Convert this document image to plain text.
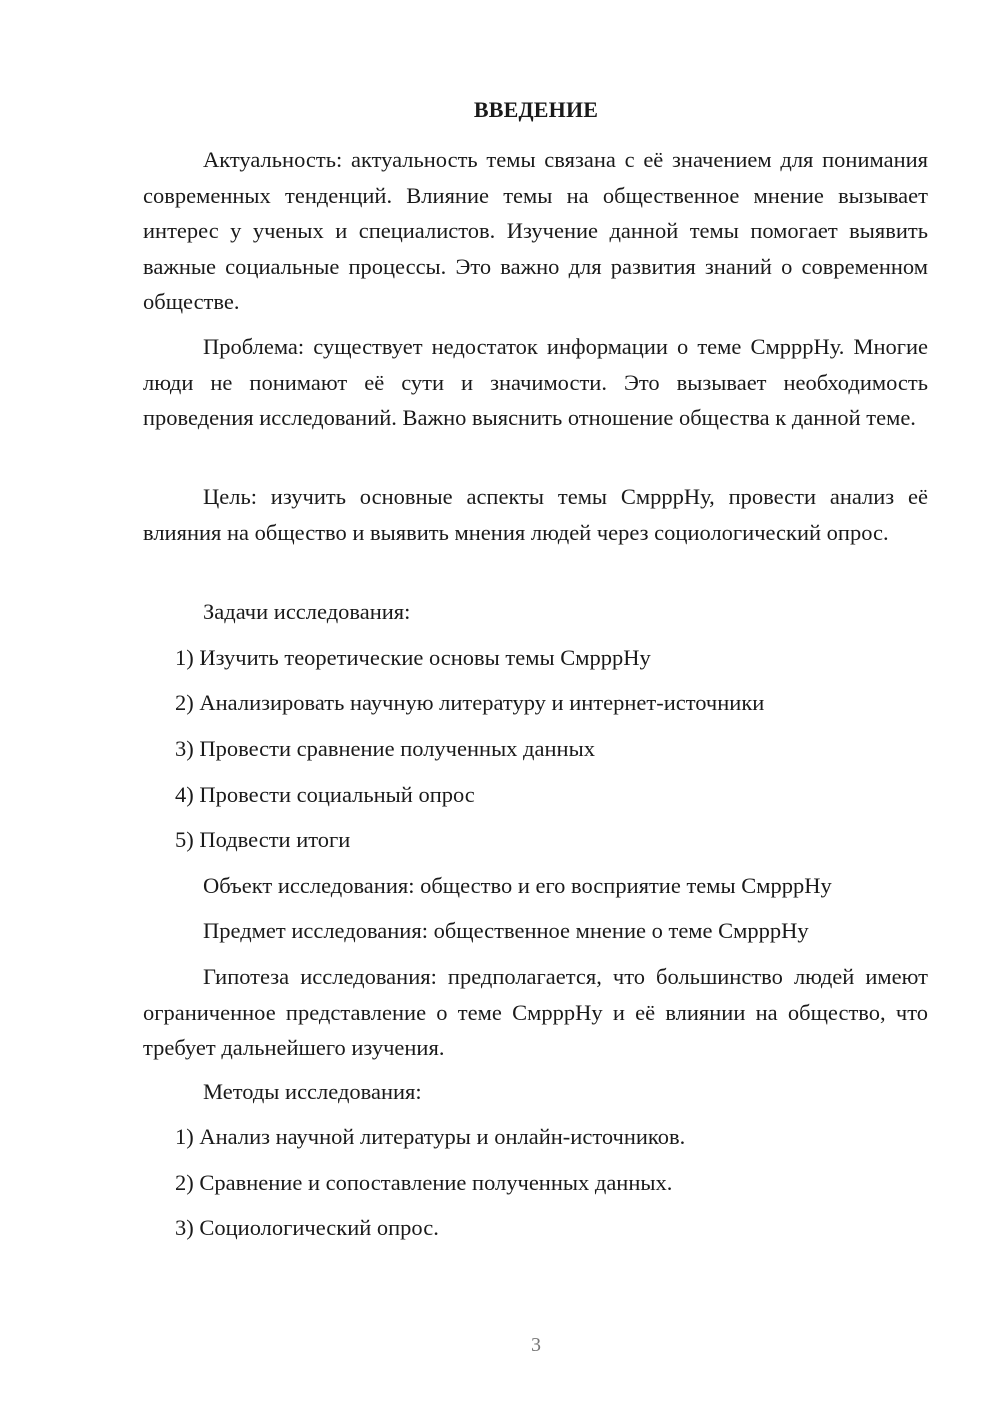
ВВЕДЕНИЕ

Актуальность: актуальность темы связана с её значением для понимания современных тенденций. Влияние темы на общественное мнение вызывает интерес у ученых и специалистов. Изучение данной темы помогает выявить важные социальные процессы. Это важно для развития знаний о современном обществе.

Проблема: существует недостаток информации о теме СмрррНу. Многие люди не понимают её сути и значимости. Это вызывает необходимость проведения исследований. Важно выяснить отношение общества к данной теме.

Цель: изучить основные аспекты темы СмрррНу, провести анализ её влияния на общество и выявить мнения людей через социологический опрос.

Задачи исследования:
1) Изучить теоретические основы темы СмрррНу
2) Анализировать научную литературу и интернет-источники
3) Провести сравнение полученных данных
4) Провести социальный опрос
5) Подвести итоги
Объект исследования: общество и его восприятие темы СмрррНу
Предмет исследования: общественное мнение о теме СмрррНу

Гипотеза исследования: предполагается, что большинство людей имеют ограниченное представление о теме СмрррНу и её влиянии на общество, что требует дальнейшего изучения.

Методы исследования:
1) Анализ научной литературы и онлайн-источников.
2) Сравнение и сопоставление полученных данных.
3) Социологический опрос.
3
